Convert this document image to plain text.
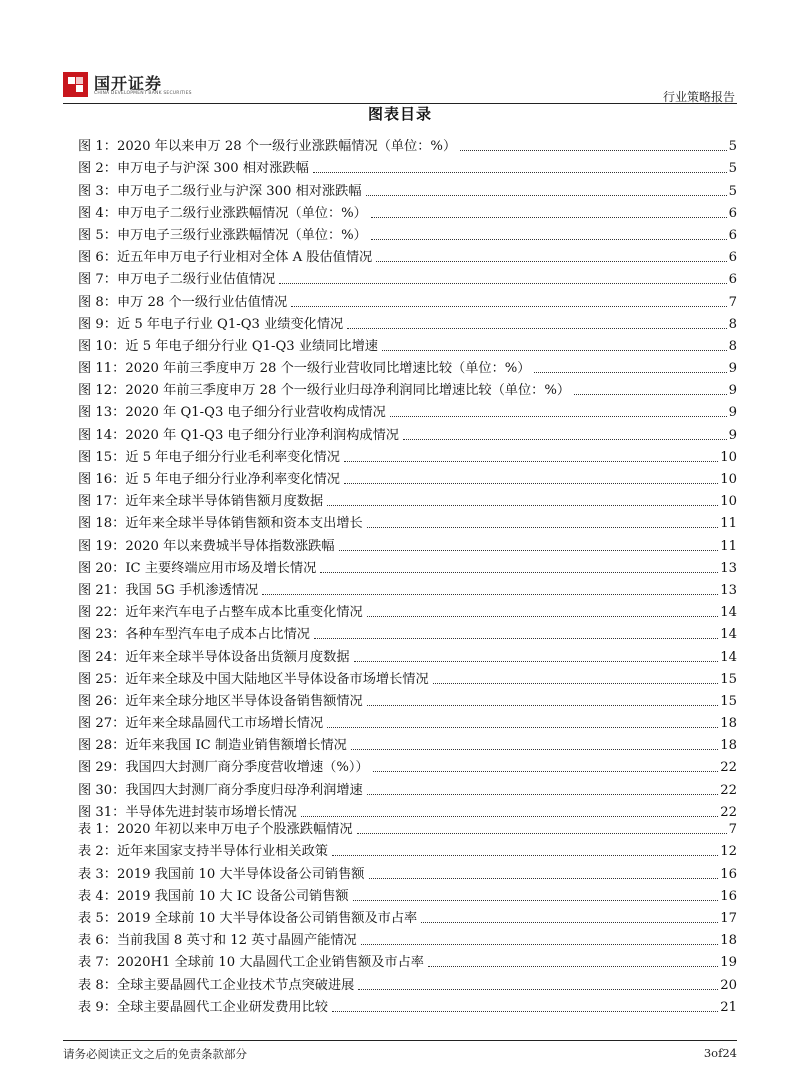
国开证券
CHINA DEVELOPMENT BANK SECURITIES	行业策略报告
图表目录
图 1：2020 年以来申万 28 个一级行业涨跌幅情况（单位：%）	5
图 2：申万电子与沪深 300 相对涨跌幅	5
图 3：申万电子二级行业与沪深 300 相对涨跌幅	5
图 4：申万电子二级行业涨跌幅情况（单位：%）	6
图 5：申万电子三级行业涨跌幅情况（单位：%）	6
图 6：近五年申万电子行业相对全体 A 股估值情况	6
图 7：申万电子二级行业估值情况	6
图 8：申万 28 个一级行业估值情况	7
图 9：近 5 年电子行业 Q1-Q3 业绩变化情况	8
图 10：近 5 年电子细分行业 Q1-Q3 业绩同比增速	8
图 11：2020 年前三季度申万 28 个一级行业营收同比增速比较（单位：%）	9
图 12：2020 年前三季度申万 28 个一级行业归母净利润同比增速比较（单位：%）	9
图 13：2020 年 Q1-Q3 电子细分行业营收构成情况	9
图 14：2020 年 Q1-Q3 电子细分行业净利润构成情况	9
图 15：近 5 年电子细分行业毛利率变化情况	10
图 16：近 5 年电子细分行业净利率变化情况	10
图 17：近年来全球半导体销售额月度数据	10
图 18：近年来全球半导体销售额和资本支出增长	11
图 19：2020 年以来费城半导体指数涨跌幅	11
图 20：IC 主要终端应用市场及增长情况	13
图 21：我国 5G 手机渗透情况	13
图 22：近年来汽车电子占整车成本比重变化情况	14
图 23：各种车型汽车电子成本占比情况	14
图 24：近年来全球半导体设备出货额月度数据	14
图 25：近年来全球及中国大陆地区半导体设备市场增长情况	15
图 26：近年来全球分地区半导体设备销售额情况	15
图 27：近年来全球晶圆代工市场增长情况	18
图 28：近年来我国 IC 制造业销售额增长情况	18
图 29：我国四大封测厂商分季度营收增速（%））	22
图 30：我国四大封测厂商分季度归母净利润增速	22
图 31：半导体先进封装市场增长情况	22
表 1：2020 年初以来申万电子个股涨跌幅情况	7
表 2：近年来国家支持半导体行业相关政策	12
表 3：2019 我国前 10 大半导体设备公司销售额	16
表 4：2019 我国前 10 大 IC 设备公司销售额	16
表 5：2019 全球前 10 大半导体设备公司销售额及市占率	17
表 6：当前我国 8 英寸和 12 英寸晶圆产能情况	18
表 7：2020H1 全球前 10 大晶圆代工企业销售额及市占率	19
表 8：全球主要晶圆代工企业技术节点突破进展	20
表 9：全球主要晶圆代工企业研发费用比较	21
请务必阅读正文之后的免责条款部分	3of24
